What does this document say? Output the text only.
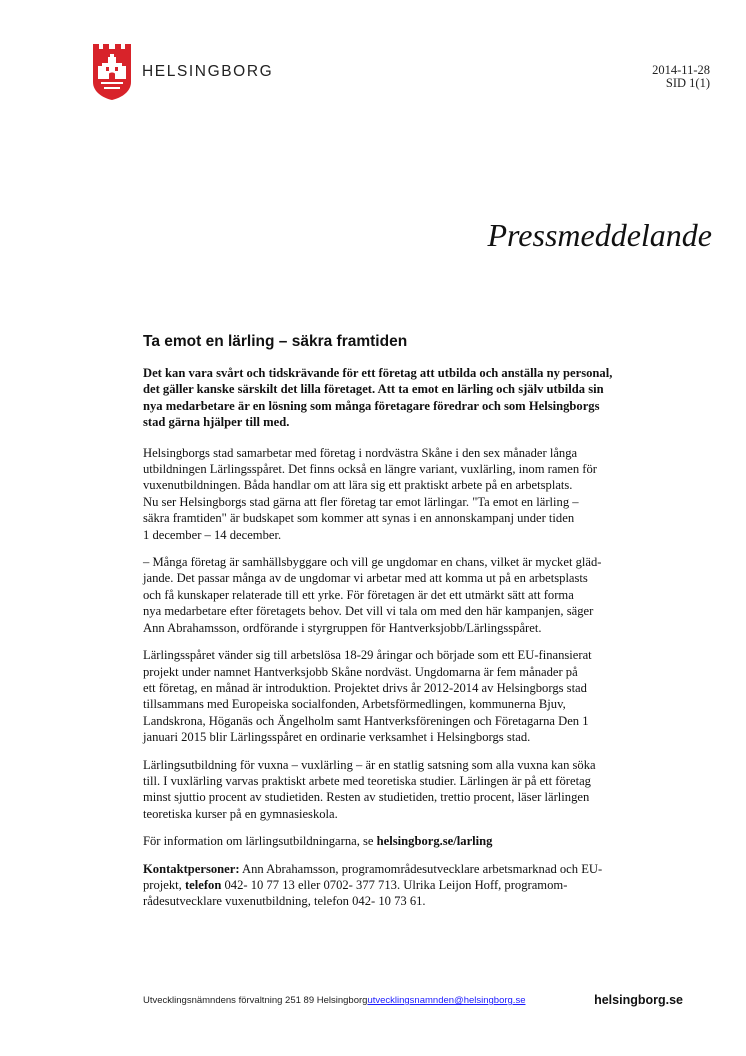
HELSINGBORG	2014-11-28
SID 1(1)
Pressmeddelande
Ta emot en lärling – säkra framtiden
Det kan vara svårt och tidskrävande för ett företag att utbilda och anställa ny personal,
det gäller kanske särskilt det lilla företaget. Att ta emot en lärling och själv utbilda sin
nya medarbetare är en lösning som många företagare föredrar och som Helsingborgs
stad gärna hjälper till med.
Helsingborgs stad samarbetar med företag i nordvästra Skåne i den sex månader långa
utbildningen Lärlingsspåret. Det finns också en längre variant, vuxlärling, inom ramen för
vuxenutbildningen. Båda handlar om att lära sig ett praktiskt arbete på en arbetsplats.
Nu ser Helsingborgs stad gärna att fler företag tar emot lärlingar. "Ta emot en lärling –
säkra framtiden" är budskapet som kommer att synas i en annonskampanj under tiden
1 december – 14 december.
– Många företag är samhällsbyggare och vill ge ungdomar en chans, vilket är mycket gläd-
jande. Det passar många av de ungdomar vi arbetar med att komma ut på en arbetsplasts
och få kunskaper relaterade till ett yrke. För företagen är det ett utmärkt sätt att forma
nya medarbetare efter företagets behov. Det vill vi tala om med den här kampanjen, säger
Ann Abrahamsson, ordförande i styrgruppen för Hantverksjobb/Lärlingsspåret.
Lärlingsspåret vänder sig till arbetslösa 18-29 åringar och började som ett EU-finansierat
projekt under namnet Hantverksjobb Skåne nordväst. Ungdomarna är fem månader på
ett företag, en månad är introduktion. Projektet drivs år 2012-2014 av Helsingborgs stad
tillsammans med Europeiska socialfonden, Arbetsförmedlingen, kommunerna Bjuv,
Landskrona, Höganäs och Ängelholm samt Hantverksföreningen och Företagarna Den 1
januari 2015 blir Lärlingsspåret en ordinarie verksamhet i Helsingborgs stad.
Lärlingsutbildning för vuxna – vuxlärling – är en statlig satsning som alla vuxna kan söka
till. I vuxlärling varvas praktiskt arbete med teoretiska studier. Lärlingen är på ett företag
minst sjuttio procent av studietiden. Resten av studietiden, trettio procent, läser lärlingen
teoretiska kurser på en gymnasieskola.
För information om lärlingsutbildningarna, se helsingborg.se/larling
Kontaktpersoner: Ann Abrahamsson, programområdesutvecklare arbetsmarknad och EU-
projekt, telefon 042- 10 77 13 eller 0702- 377 713. Ulrika Leijon Hoff, programom-
rådesutvecklare vuxenutbildning, telefon 042- 10 73 61.
Utvecklingsnämndens förvaltning 251 89 Helsingborgutvecklingsnamnden@helsingborg.se	helsingborg.se
